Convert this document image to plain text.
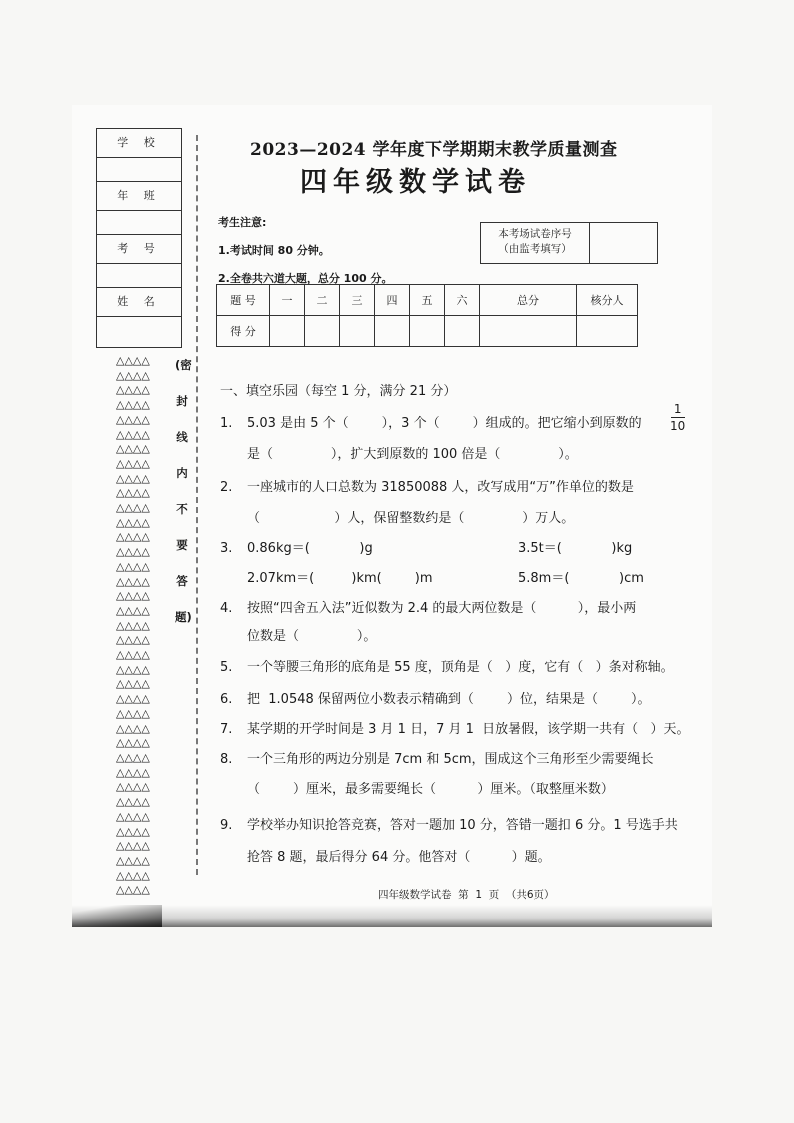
学 校
年 班
考 号
姓 名
△△△△
△△△△
△△△△
△△△△
△△△△
△△△△
△△△△
△△△△
△△△△
△△△△
△△△△
△△△△
△△△△
△△△△
△△△△
△△△△
△△△△
△△△△
△△△△
△△△△
△△△△
△△△△
△△△△
△△△△
△△△△
△△△△
△△△△
△△△△
△△△△
△△△△
△△△△
△△△△
△△△△
△△△△
△△△△
△△△△
△△△△
(密
封
线
内
不
要
答
题)
2023—2024 学年度下学期期末教学质量测查
四年级数学试卷
考生注意:
1.考试时间 80 分钟。
2.全卷共六道大题，总分 100 分。
本考场试卷序号
（由监考填写）
题 号	一	二	三	四	五	六	总分	核分人
得 分								
一、填空乐园（每空 1 分，满分 21 分）
1. 5.03 是由 5 个（        ），3 个（        ）组成的。把它缩小到原数的
1
10
是（              ），扩大到原数的 100 倍是（              ）。
2. 一座城市的人口总数为 31850088 人，改写成用“万”作单位的数是
（                  ）人，保留整数约是（              ）万人。
3. 0.86kg＝(            )g	3.5t＝(            )kg
2.07km＝(         )km(        )m	5.8m＝(            )cm
4. 按照“四舍五入法”近似数为 2.4 的最大两位数是（          ），最小两
位数是（              ）。
5. 一个等腰三角形的底角是 55 度，顶角是（   ）度，它有（   ）条对称轴。
6. 把  1.0548 保留两位小数表示精确到（        ）位，结果是（        ）。
7. 某学期的开学时间是 3 月 1 日，7 月 1  日放暑假，该学期一共有（   ）天。
8. 一个三角形的两边分别是 7cm 和 5cm，围成这个三角形至少需要绳长
（        ）厘米，最多需要绳长（          ）厘米。（取整厘米数）
9. 学校举办知识抢答竞赛，答对一题加 10 分，答错一题扣 6 分。1 号选手共
抢答 8 题，最后得分 64 分。他答对（          ）题。
四年级数学试卷  第  1  页  （共6页）
